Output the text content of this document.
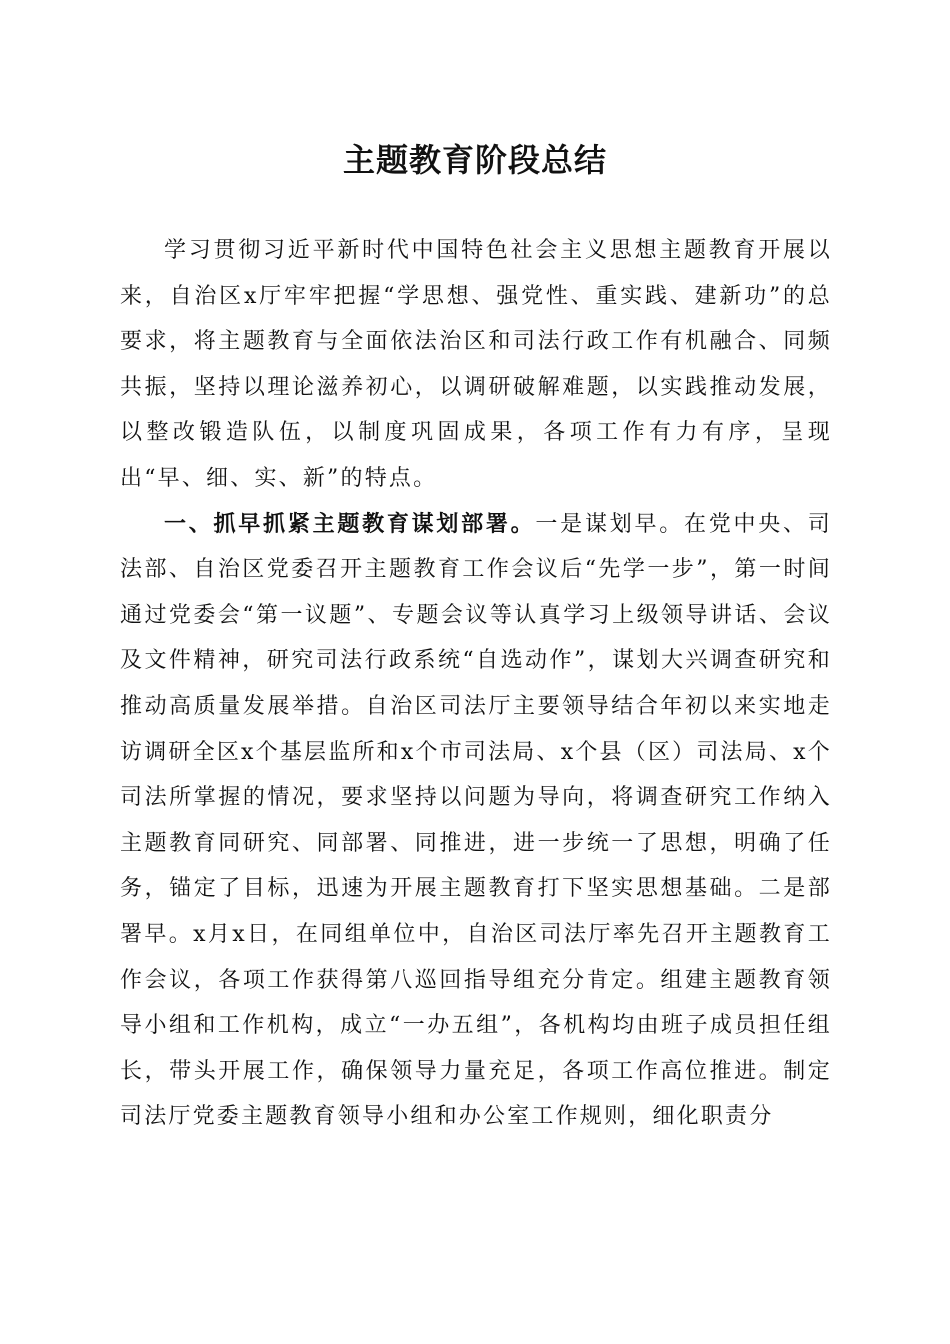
主题教育阶段总结

学习贯彻习近平新时代中国特色社会主义思想主题教育开展以来，自治区x厅牢牢把握“学思想、强党性、重实践、建新功”的总要求，将主题教育与全面依法治区和司法行政工作有机融合、同频共振，坚持以理论滋养初心，以调研破解难题，以实践推动发展，以整改锻造队伍，以制度巩固成果，各项工作有力有序，呈现出“早、细、实、新”的特点。

一、抓早抓紧主题教育谋划部署。一是谋划早。在党中央、司法部、自治区党委召开主题教育工作会议后“先学一步”，第一时间通过党委会“第一议题”、专题会议等认真学习上级领导讲话、会议及文件精神，研究司法行政系统“自选动作”，谋划大兴调查研究和推动高质量发展举措。自治区司法厅主要领导结合年初以来实地走访调研全区x个基层监所和x个市司法局、x个县（区）司法局、x个司法所掌握的情况，要求坚持以问题为导向，将调查研究工作纳入主题教育同研究、同部署、同推进，进一步统一了思想，明确了任务，锚定了目标，迅速为开展主题教育打下坚实思想基础。二是部署早。x月x日，在同组单位中，自治区司法厅率先召开主题教育工作会议，各项工作获得第八巡回指导组充分肯定。组建主题教育领导小组和工作机构，成立“一办五组”，各机构均由班子成员担任组长，带头开展工作，确保领导力量充足，各项工作高位推进。制定司法厅党委主题教育领导小组和办公室工作规则，细化职责分
